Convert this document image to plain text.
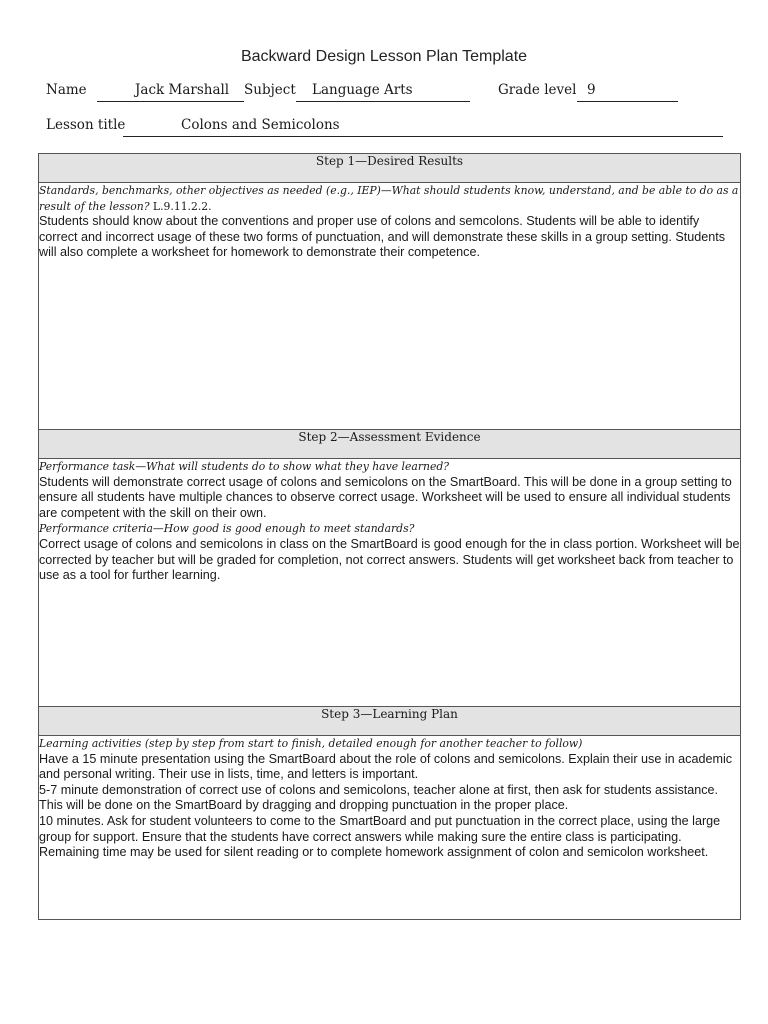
Backward Design Lesson Plan Template
Name	Jack Marshall Subject Language Arts	Grade level 9
Lesson title	Colons and Semicolons
Step 1—Desired Results

Standards, benchmarks, other objectives as needed (e.g., IEP)—What should students know, understand, and be able to do as a result of the lesson? L.9.11.2.2.

Students should know about the conventions and proper use of colons and semcolons. Students will be able to identify correct and incorrect usage of these two forms of punctuation, and will demonstrate these skills in a group setting. Students will also complete a worksheet for homework to demonstrate their competence.

Step 2—Assessment Evidence

Performance task—What will students do to show what they have learned?

Students will demonstrate correct usage of colons and semicolons on the SmartBoard. This will be done in a group setting to ensure all students have multiple chances to observe correct usage. Worksheet will be used to ensure all individual students are competent with the skill on their own.

Performance criteria—How good is good enough to meet standards?

Correct usage of colons and semicolons in class on the SmartBoard is good enough for the in class portion. Worksheet will be corrected by teacher but will be graded for completion, not correct answers. Students will get worksheet back from teacher to use as a tool for further learning.

Step 3—Learning Plan

Learning activities (step by step from start to finish, detailed enough for another teacher to follow)

Have a 15 minute presentation using the SmartBoard about the role of colons and semicolons. Explain their use in academic and personal writing. Their use in lists, time, and letters is important.

5-7 minute demonstration of correct use of colons and semicolons, teacher alone at first, then ask for students assistance. This will be done on the SmartBoard by dragging and dropping punctuation in the proper place.

10 minutes. Ask for student volunteers to come to the SmartBoard and put punctuation in the correct place, using the large group for support. Ensure that the students have correct answers while making sure the entire class is participating.

Remaining time may be used for silent reading or to complete homework assignment of colon and semicolon worksheet.
